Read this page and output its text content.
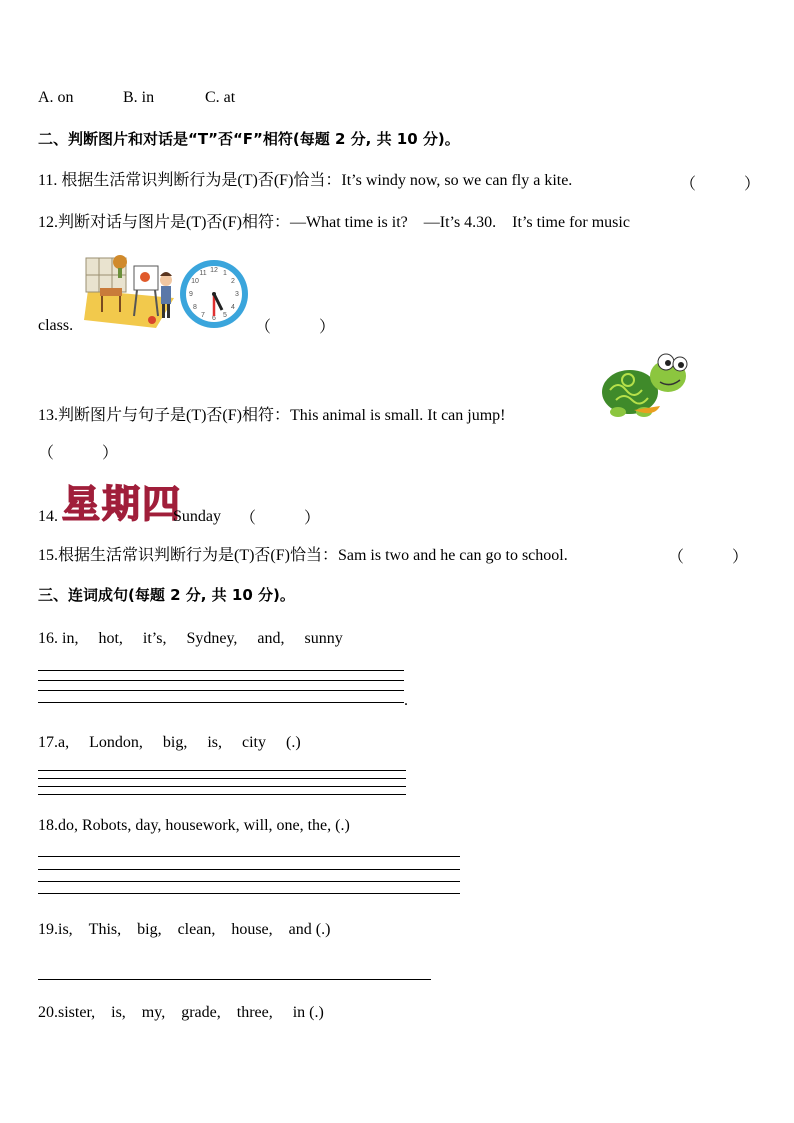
A. on	B. in	C. at
二、判断图片和对话是“T”否“F”相符(每题 2 分, 共 10 分)。
11. 根据生活常识判断行为是(T)否(F)恰当：It’s windy now, so we can fly a kite.	（　　　）
12.判断对话与图片是(T)否(F)相符：—What time is it?　—It’s 4.30.　It’s time for music
12 1
2
3
4
5
6
7
8
9
10
11
class.	（　　　）
13.判断图片与句子是(T)否(F)相符：This animal is small. It can jump!
（　　　）
14. 星期四
Sunday （　　　）
15.根据生活常识判断行为是(T)否(F)恰当：Sam is two and he can go to school.	（　　　）
三、连词成句(每题 2 分, 共 10 分)。
16. in,　 hot,　 it’s,　 Sydney,　 and,　 sunny
.
17.a,　 London,　 big,　 is,　 city　 (.)
18.do, Robots, day, housework, will, one, the, (.)
19.is,　This,　big,　clean,　house,　and (.)
20.sister,　is,　my,　grade,　three,　 in (.)
